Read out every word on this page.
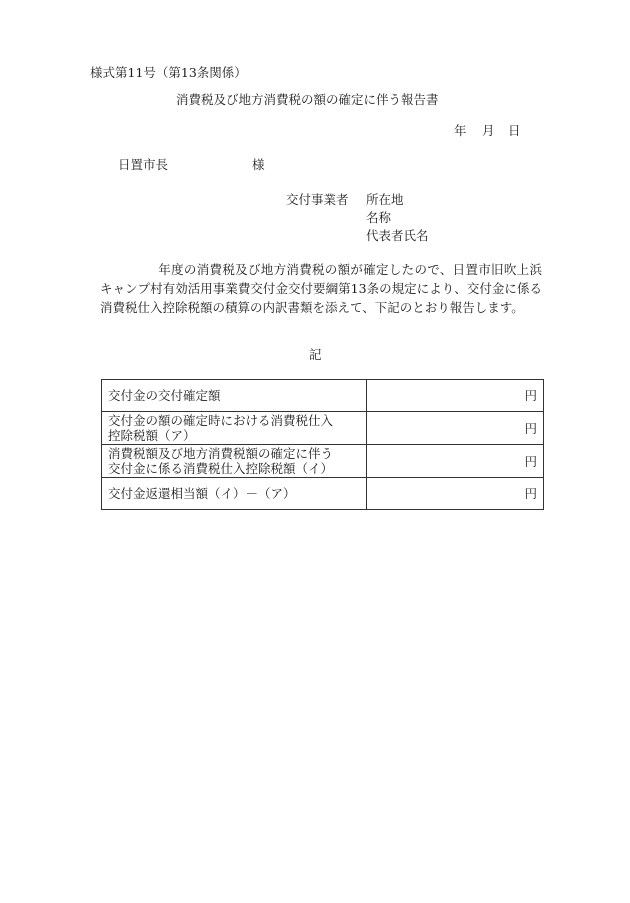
様式第11号（第13条関係）
消費税及び地方消費税の額の確定に伴う報告書
年 月 日
日置市長	様
交付事業者 所在地
名称
代表者氏名
年度の消費税及び地方消費税の額が確定したので、日置市旧吹上浜キャンプ村有効活用事業費交付金交付要綱第13条の規定により、交付金に係る消費税仕入控除税額の積算の内訳書類を添えて、下記のとおり報告します。
記
交付金の交付確定額	円
交付金の額の確定時における消費税仕入
控除税額（ア）	円
消費税額及び地方消費税額の確定に伴う
交付金に係る消費税仕入控除税額（イ）	円
交付金返還相当額（イ）－（ア）	円
